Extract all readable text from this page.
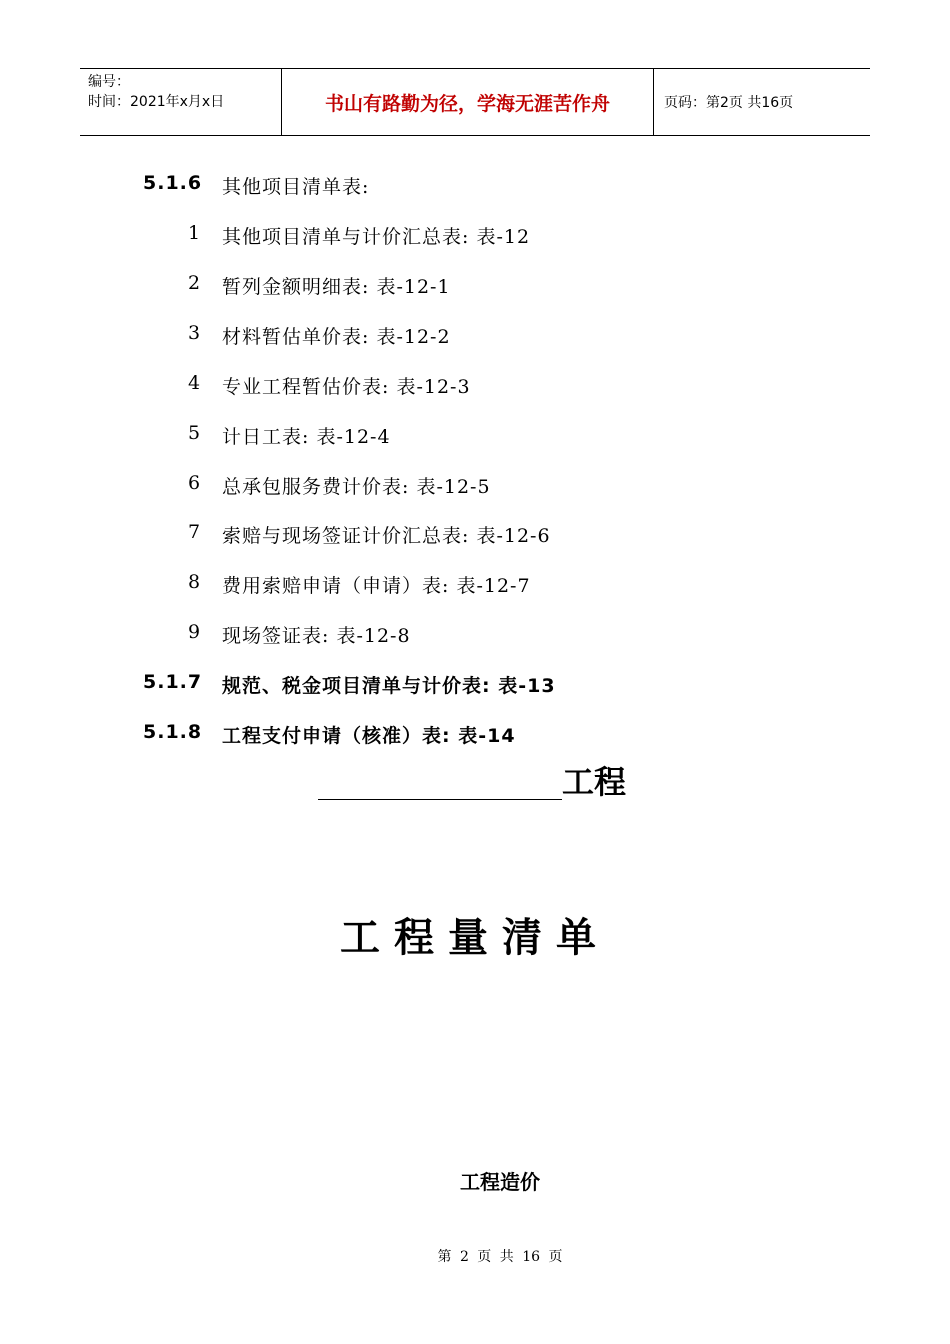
编号：
时间：2021年x月x日	书山有路勤为径，学海无涯苦作舟	页码：第2页 共16页
5.1.6 其他项目清单表:
1 其他项目清单与计价汇总表: 表-12
2 暂列金额明细表: 表-12-1
3 材料暂估单价表: 表-12-2
4 专业工程暂估价表: 表-12-3
5 计日工表: 表-12-4
6 总承包服务费计价表: 表-12-5
7 索赔与现场签证计价汇总表: 表-12-6
8 费用索赔申请（申请）表: 表-12-7
9 现场签证表: 表-12-8
5.1.7 规范、税金项目清单与计价表: 表-13
5.1.8 工程支付申请（核准）表: 表-14
工程
工程量清单
工程造价
第 2 页 共 16 页
